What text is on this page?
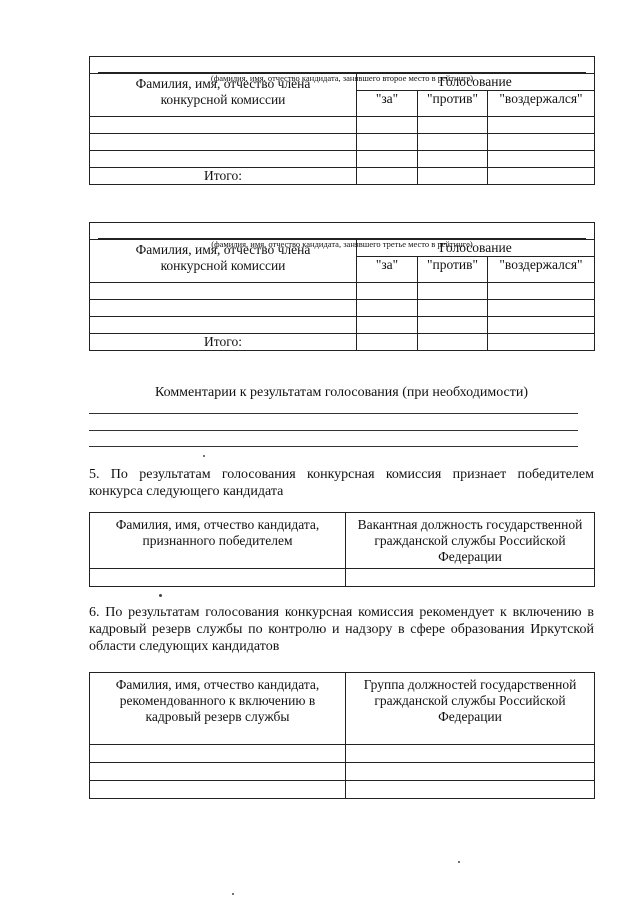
(фамилия, имя, отчество кандидата, занявшего второе место в рейтинге)			

Фамилия, имя, отчество члена конкурсной комиссии	Голосование		
	"за"	"против"	"воздержался"

Итого:			
(фамилия, имя, отчество кандидата, занявшего третье место в рейтинге)			

Фамилия, имя, отчество члена конкурсной комиссии	Голосование		
	"за"	"против"	"воздержался"

Итого:			
Комментарии к результатам голосования (при необходимости)
5. По результатам голосования конкурсная комиссия признает победителем конкурса следующего кандидата
Фамилия, имя, отчество кандидата, признанного победителем	Вакантная должность государственной гражданской службы Российской Федерации

6. По результатам голосования конкурсная комиссия рекомендует к включению в кадровый резерв службы по контролю и надзору в сфере образования Иркутской области следующих кандидатов
Фамилия, имя, отчество кандидата, рекомендованного к включению в кадровый резерв службы	Группа должностей государственной гражданской службы Российской Федерации
